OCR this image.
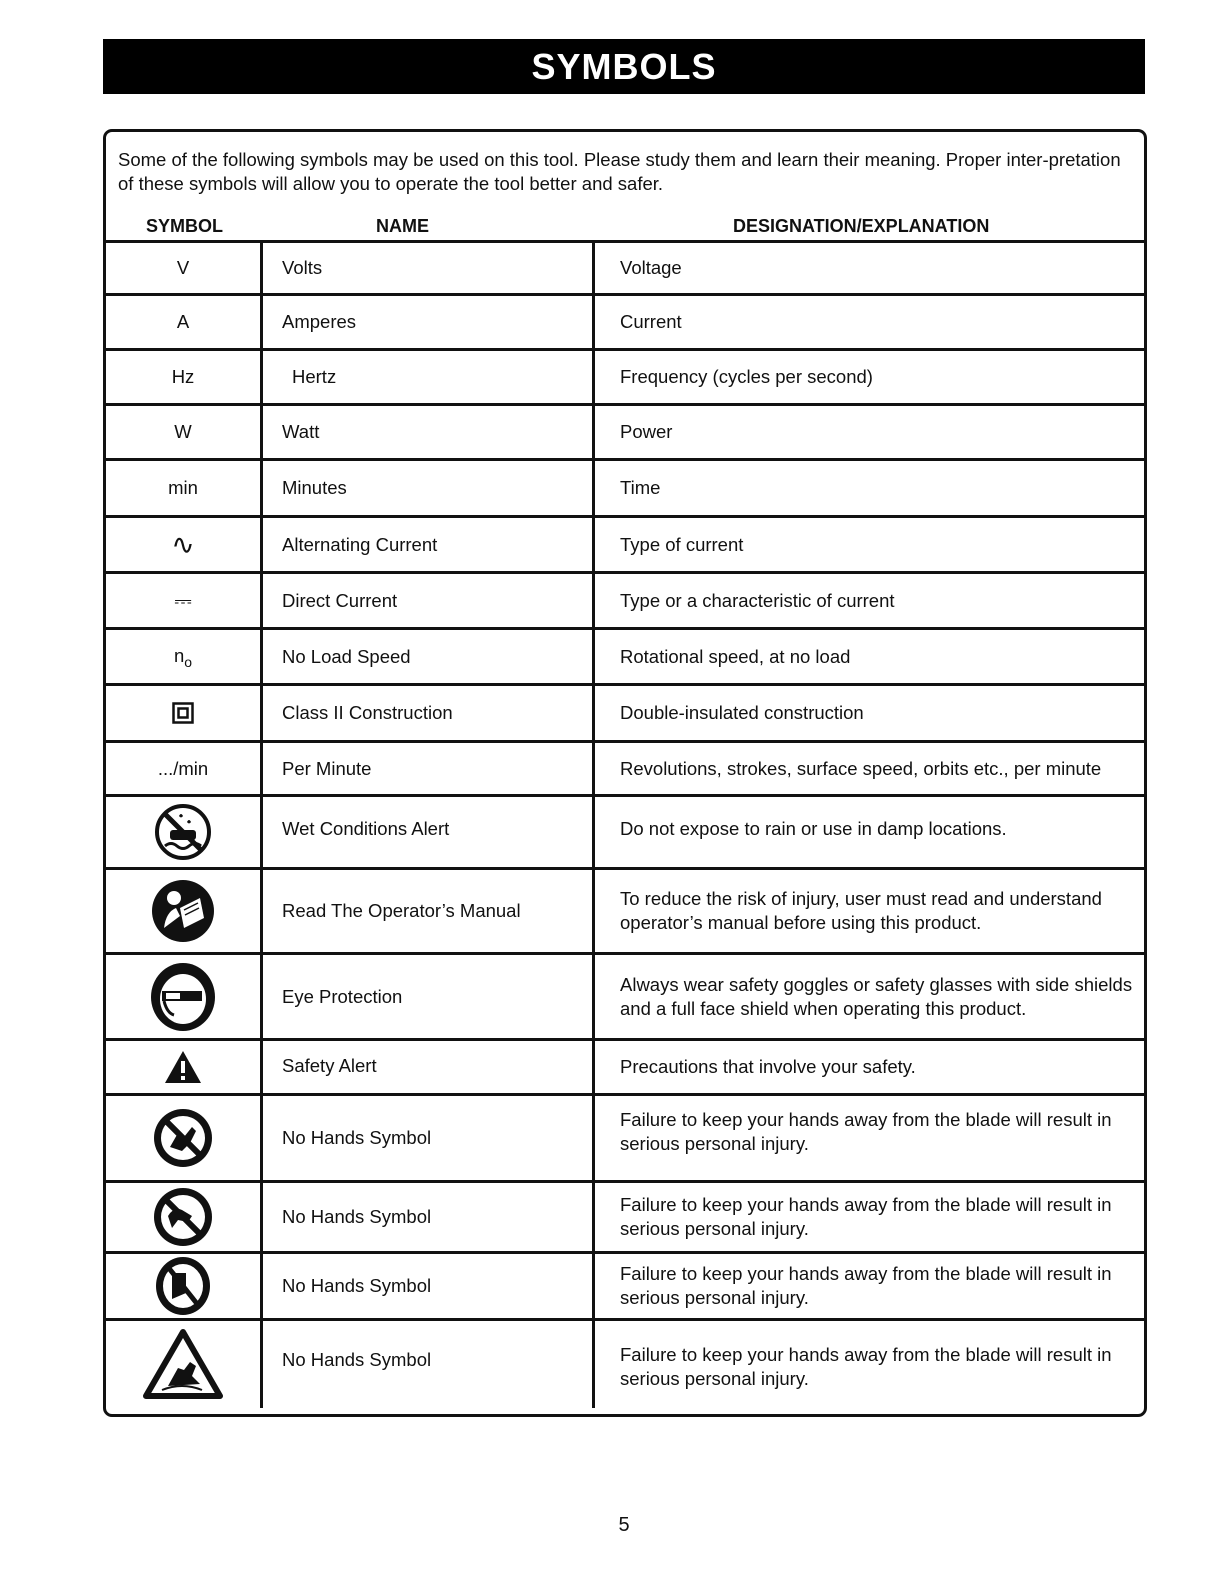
SYMBOLS
Some of the following symbols may be used on this tool. Please study them and learn their meaning. Proper inter-pretation of these symbols will allow you to operate the tool better and safer.
SYMBOL	NAME	DESIGNATION/EXPLANATION
V	Volts	Voltage
A	Amperes	Current
Hz	Hertz	Frequency (cycles per second)
W	Watt	Power
min	Minutes	Time
∿	Alternating Current	Type of current
⎓	Direct Current	Type or a characteristic of current
$n_o$	No Load Speed	Rotational speed, at no load

	Class II Construction	Double-insulated construction
.../min	Per Minute	Revolutions, strokes, surface speed, orbits etc., per minute

	Wet Conditions Alert	Do not expose to rain or use in damp locations.

	Read The Operator’s Manual	To reduce the risk of injury, user must read and understand operator’s manual before using this product.

	Eye Protection	Always wear safety goggles or safety glasses with side shields and a full face shield when operating this product.

	Safety Alert	Precautions that involve your safety.

	No Hands Symbol	Failure to keep your hands away from the blade will result in serious personal injury.

	No Hands Symbol	Failure to keep your hands away from the blade will result in serious personal injury.

	No Hands Symbol	Failure to keep your hands away from the blade will result in serious personal injury.

	No Hands Symbol	Failure to keep your hands away from the blade will result in serious personal injury.
5
